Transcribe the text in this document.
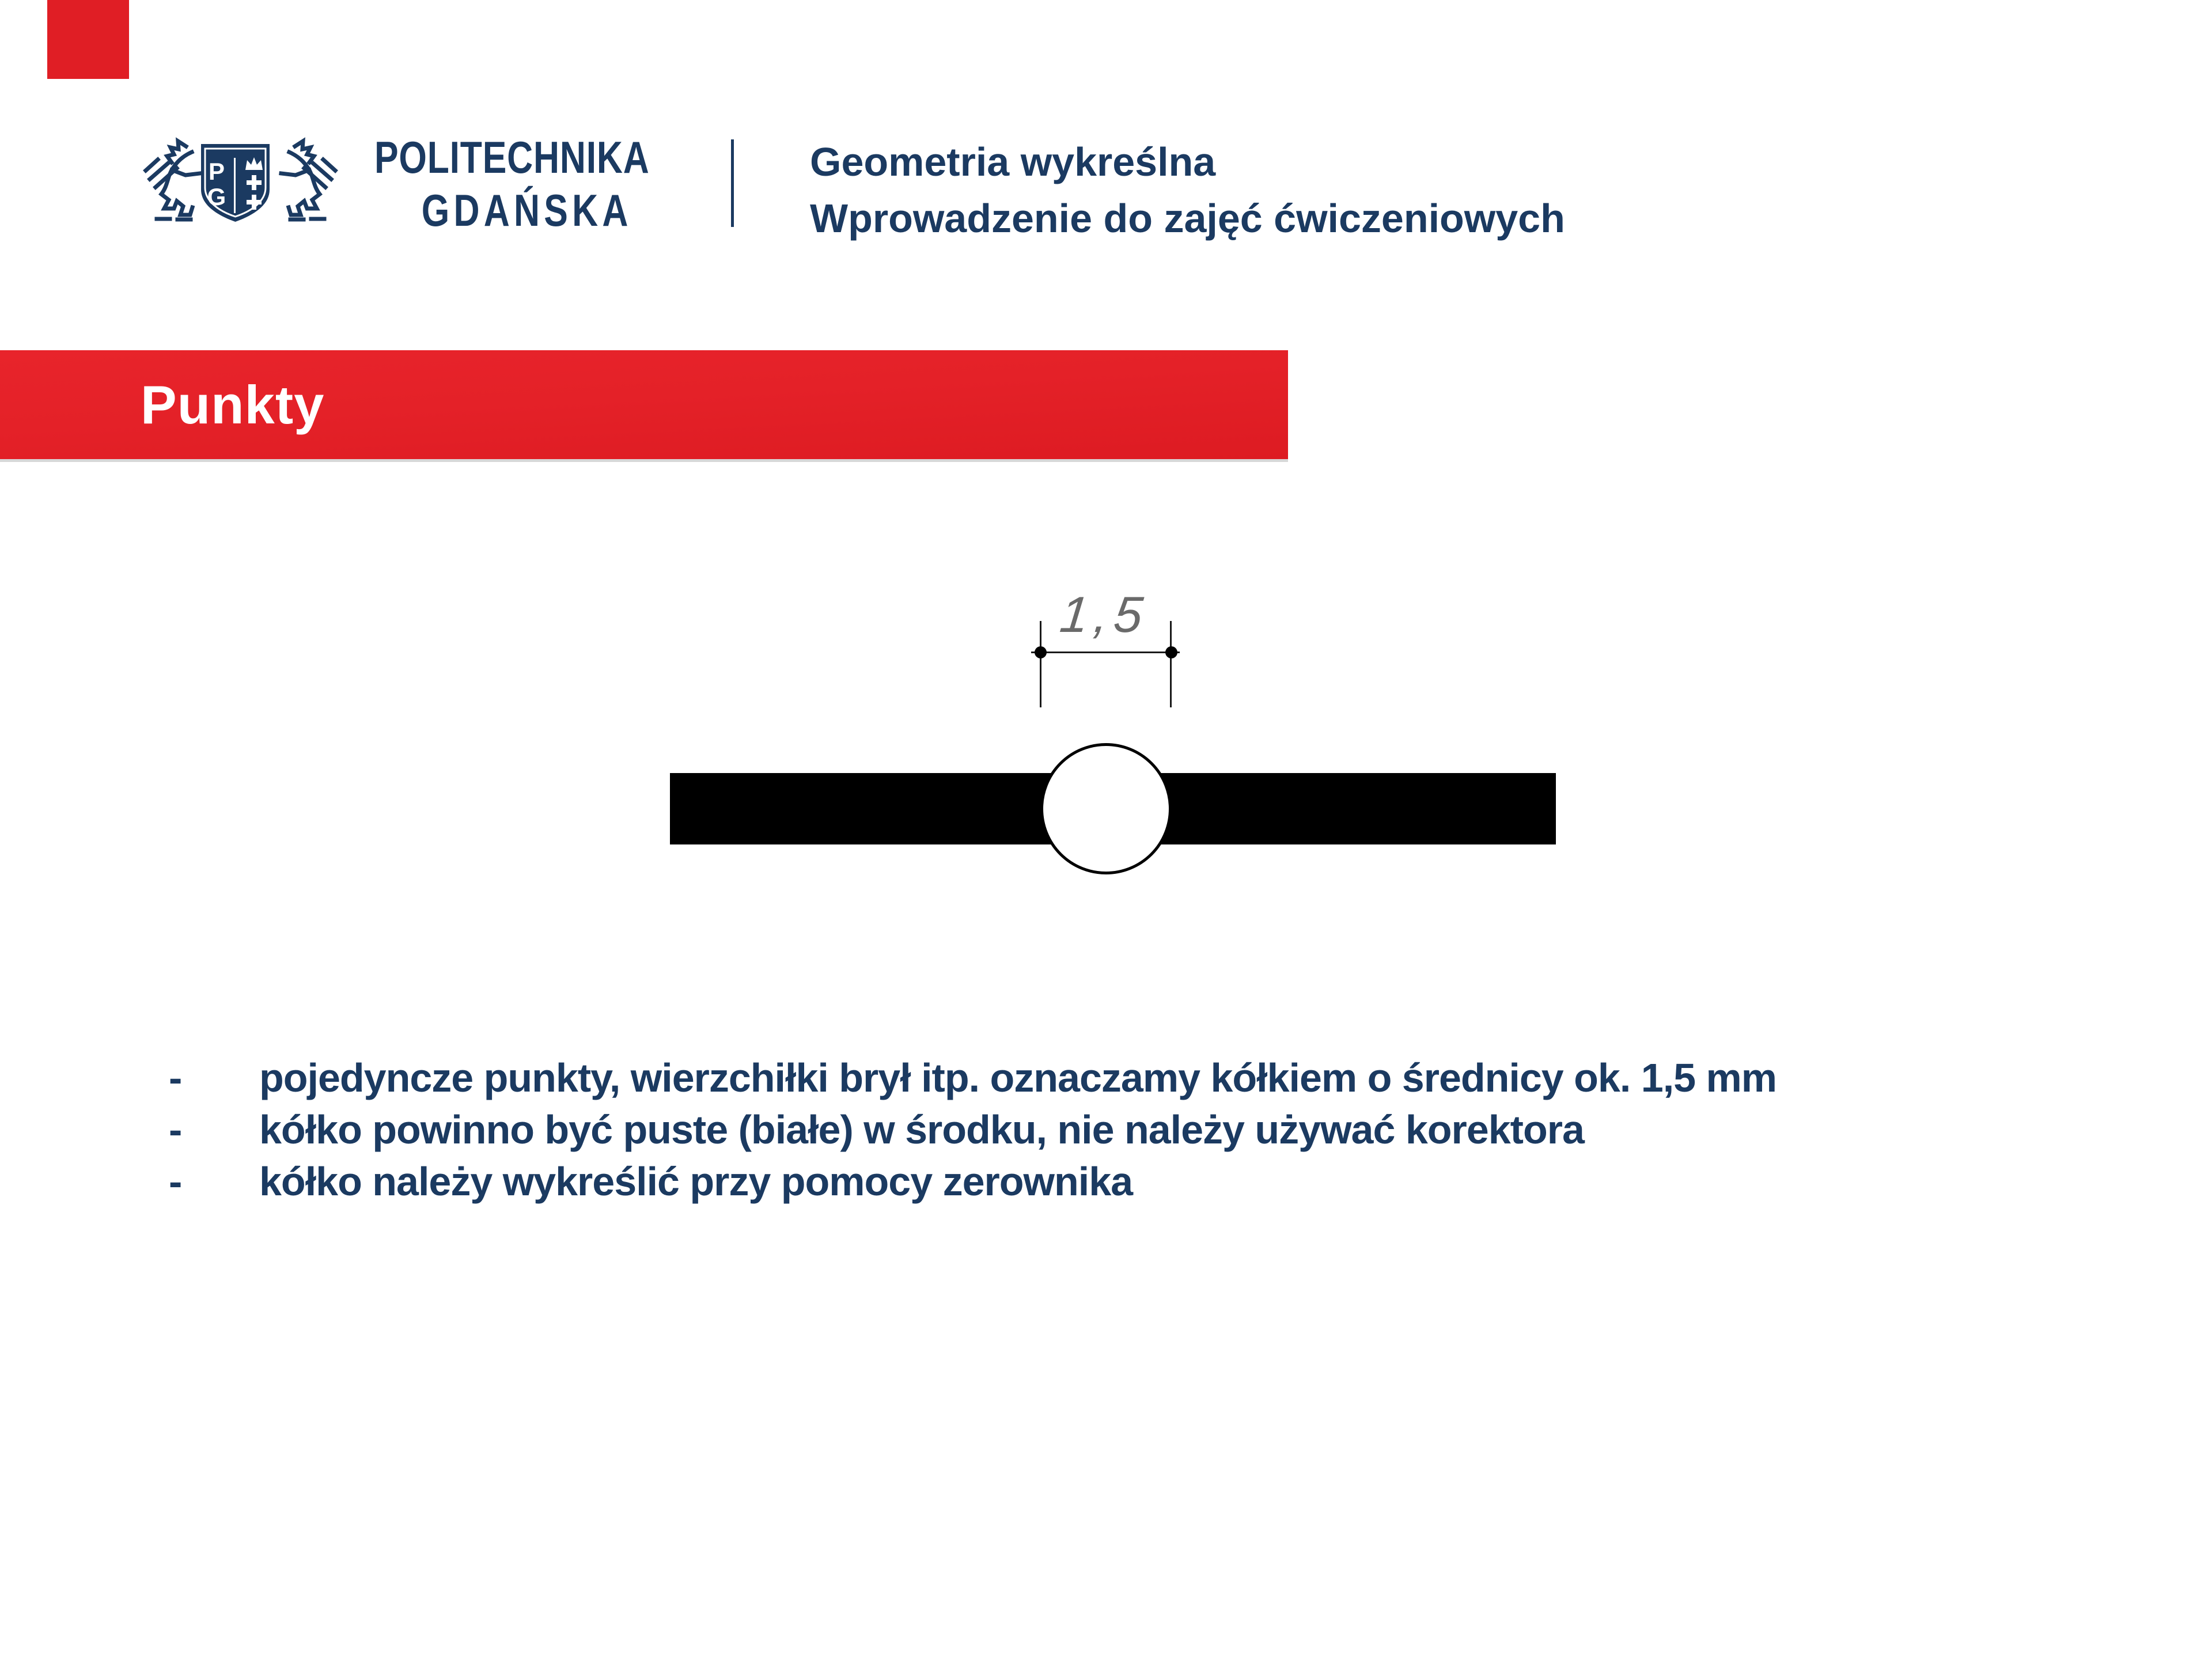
P
G
POLITECHNIKA
GDAŃSKA
Geometria wykreślna
Wprowadzenie do zajęć ćwiczeniowych
Punkty
1,5
-	pojedyncze punkty, wierzchiłki brył itp. oznaczamy kółkiem o średnicy ok. 1,5 mm
-	kółko powinno być puste (białe) w środku, nie należy używać korektora
-	kółko należy wykreślić przy pomocy zerownika
